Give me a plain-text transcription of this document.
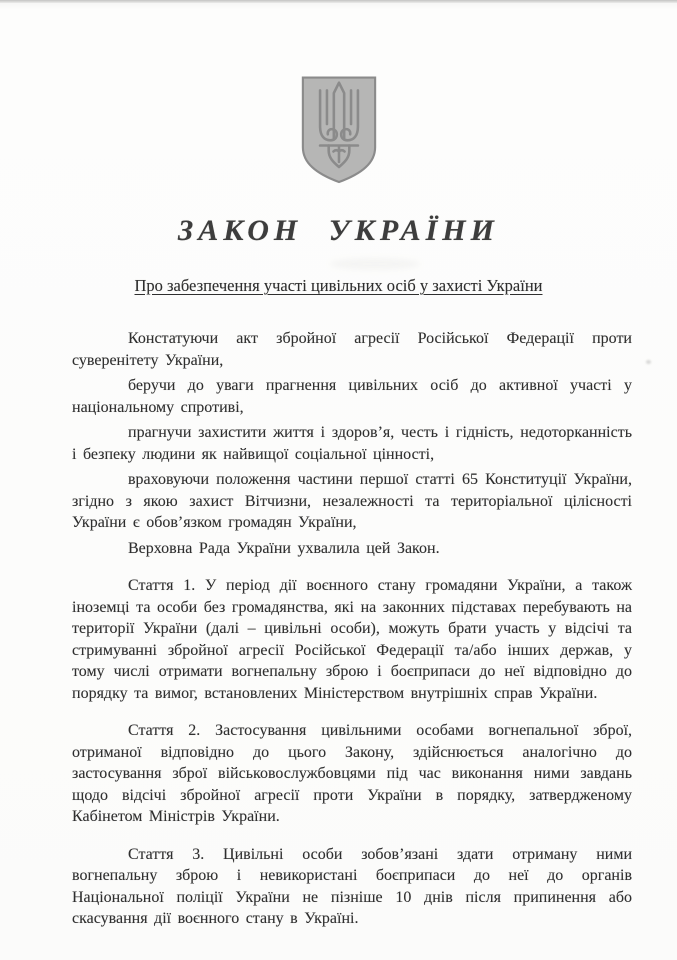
ЗАКОН УКРАЇНИ
Про забезпечення участі цивільних осіб у захисті України

Констатуючи акт збройної агресії Російської Федерації проти суверенітету України,

беручи до уваги прагнення цивільних осіб до активної участі у національному спротиві,

прагнучи захистити життя і здоров’я, честь і гідність, недоторканність і безпеку людини як найвищої соціальної цінності,

враховуючи положення частини першої статті 65 Конституції України, згідно з якою захист Вітчизни, незалежності та територіальної цілісності України є обов’язком громадян України,

Верховна Рада України ухвалила цей Закон.

Стаття 1. У період дії воєнного стану громадяни України, а також іноземці та особи без громадянства, які на законних підставах перебувають на території України (далі – цивільні особи), можуть брати участь у відсічі та стримуванні збройної агресії Російської Федерації та/або інших держав, у тому числі отримати вогнепальну зброю і боєприпаси до неї відповідно до порядку та вимог, встановлених Міністерством внутрішніх справ України.

Стаття 2. Застосування цивільними особами вогнепальної зброї, отриманої відповідно до цього Закону, здійснюється аналогічно до застосування зброї військовослужбовцями під час виконання ними завдань щодо відсічі збройної агресії проти України в порядку, затвердженому Кабінетом Міністрів України.

Стаття 3. Цивільні особи зобов’язані здати отриману ними вогнепальну зброю і невикористані боєприпаси до неї до органів Національної поліції України не пізніше 10 днів після припинення або скасування дії воєнного стану в Україні.
